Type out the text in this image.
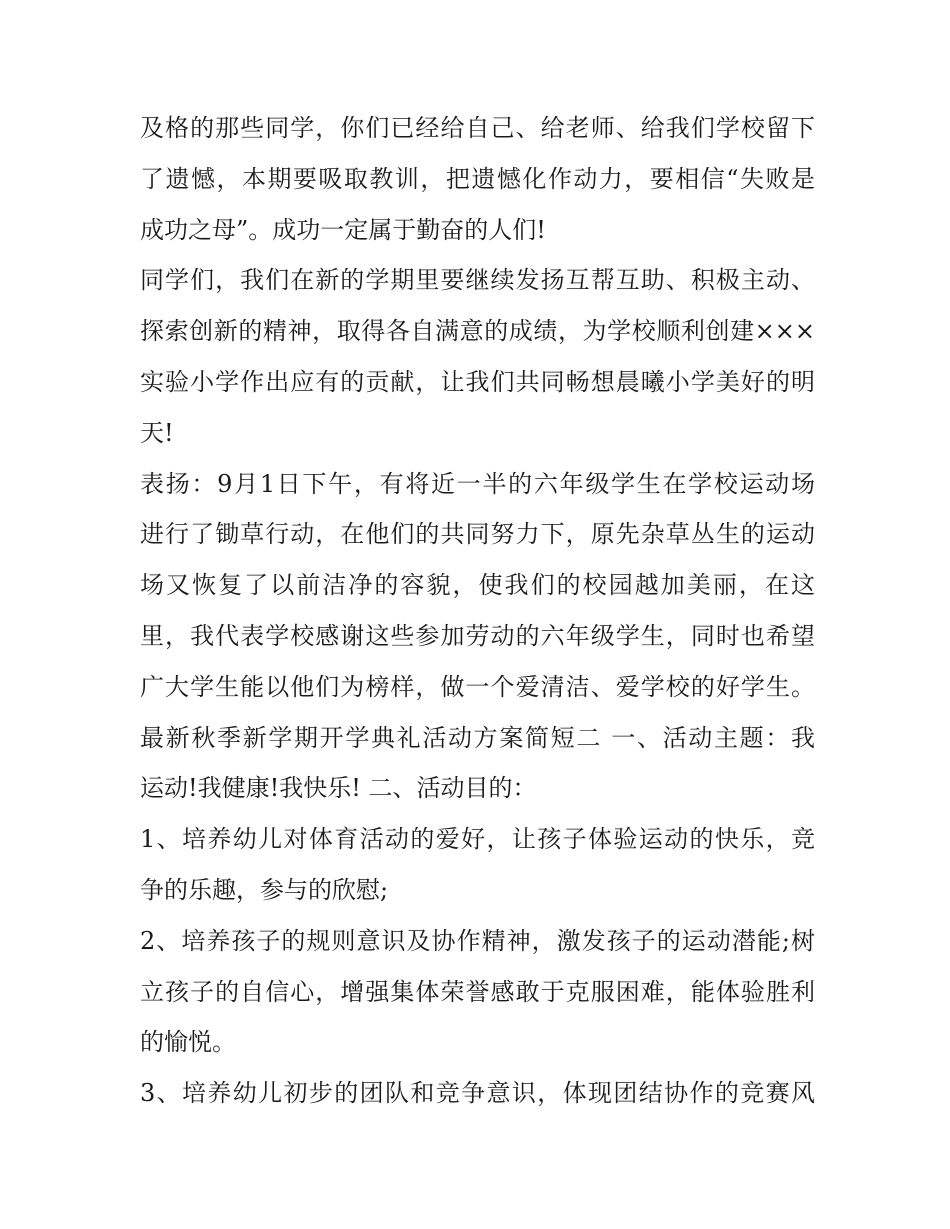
及格的那些同学，你们已经给自己、给老师、给我们学校留下
了遗憾，本期要吸取教训，把遗憾化作动力，要相信“失败是
成功之母”。成功一定属于勤奋的人们!
同学们，我们在新的学期里要继续发扬互帮互助、积极主动、
探索创新的精神，取得各自满意的成绩，为学校顺利创建×××
实验小学作出应有的贡献，让我们共同畅想晨曦小学美好的明
天!
表扬：9月1日下午，有将近一半的六年级学生在学校运动场
进行了锄草行动，在他们的共同努力下，原先杂草丛生的运动
场又恢复了以前洁净的容貌，使我们的校园越加美丽，在这
里，我代表学校感谢这些参加劳动的六年级学生，同时也希望
广大学生能以他们为榜样，做一个爱清洁、爱学校的好学生。
最新秋季新学期开学典礼活动方案简短二 一、活动主题：我
运动!我健康!我快乐! 二、活动目的：
1、培养幼儿对体育活动的爱好，让孩子体验运动的快乐，竞
争的乐趣，参与的欣慰;
2、培养孩子的规则意识及协作精神，激发孩子的运动潜能;树
立孩子的自信心，增强集体荣誉感敢于克服困难，能体验胜利
的愉悦。
3、培养幼儿初步的团队和竞争意识，体现团结协作的竞赛风
